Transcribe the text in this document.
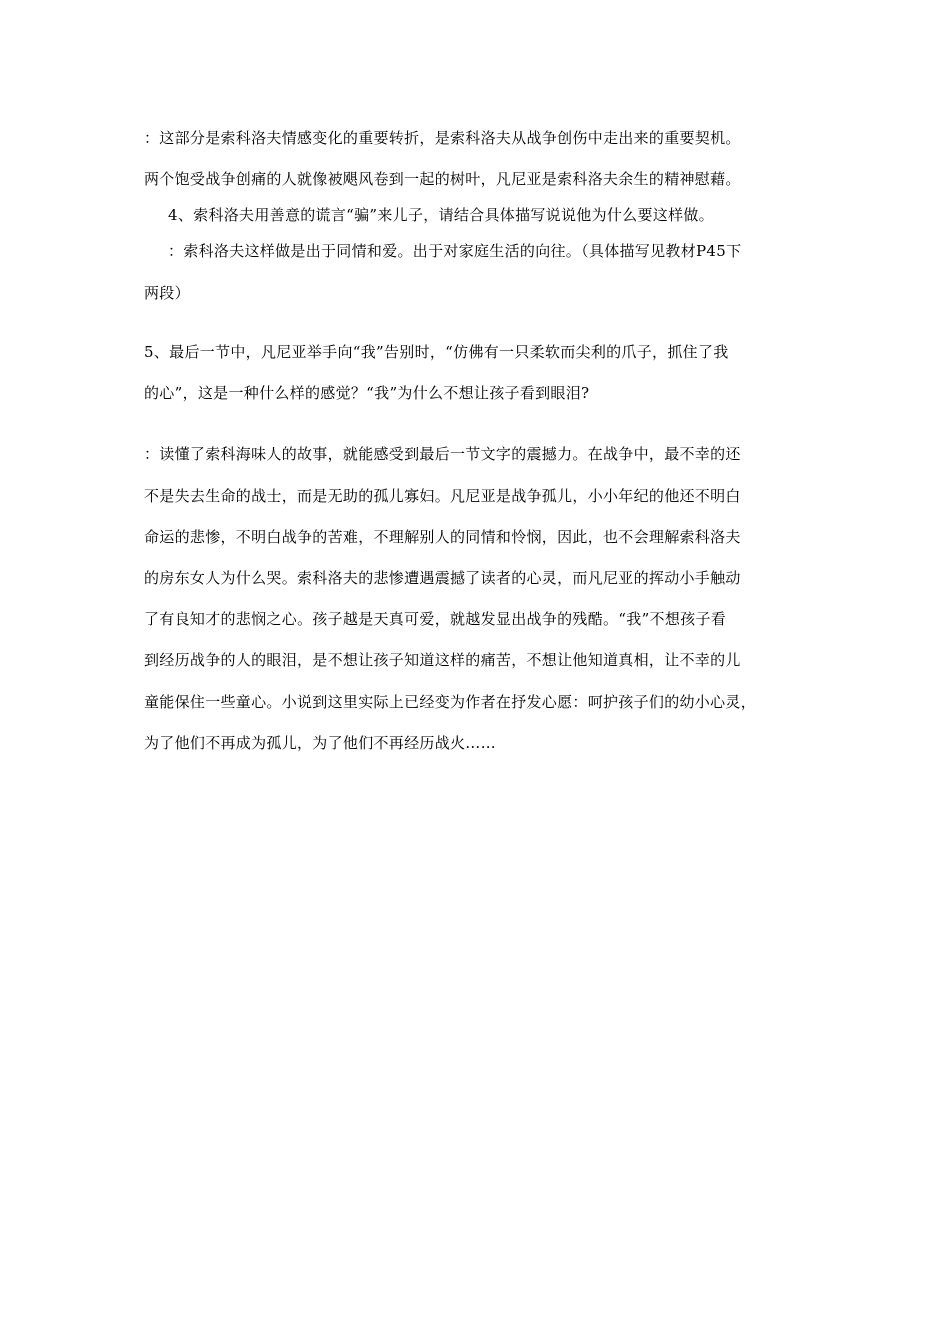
：这部分是索科洛夫情感变化的重要转折，是索科洛夫从战争创伤中走出来的重要契机。
两个饱受战争创痛的人就像被飓风卷到一起的树叶，凡尼亚是索科洛夫余生的精神慰藉。
4、索科洛夫用善意的谎言“骗”来儿子，请结合具体描写说说他为什么要这样做。
：索科洛夫这样做是出于同情和爱。出于对家庭生活的向往。（具体描写见教材P45下
两段）
5、最后一节中，凡尼亚举手向“我”告别时，“仿佛有一只柔软而尖利的爪子，抓住了我
的心”，这是一种什么样的感觉？“我”为什么不想让孩子看到眼泪?
：读懂了索科海味人的故事，就能感受到最后一节文字的震撼力。在战争中，最不幸的还
不是失去生命的战士，而是无助的孤儿寡妇。凡尼亚是战争孤儿，小小年纪的他还不明白
命运的悲惨，不明白战争的苦难，不理解别人的同情和怜悯，因此，也不会理解索科洛夫
的房东女人为什么哭。索科洛夫的悲惨遭遇震撼了读者的心灵，而凡尼亚的挥动小手触动
了有良知才的悲悯之心。孩子越是天真可爱，就越发显出战争的残酷。“我”不想孩子看
到经历战争的人的眼泪，是不想让孩子知道这样的痛苦，不想让他知道真相，让不幸的儿
童能保住一些童心。小说到这里实际上已经变为作者在抒发心愿：呵护孩子们的幼小心灵，
为了他们不再成为孤儿，为了他们不再经历战火……
